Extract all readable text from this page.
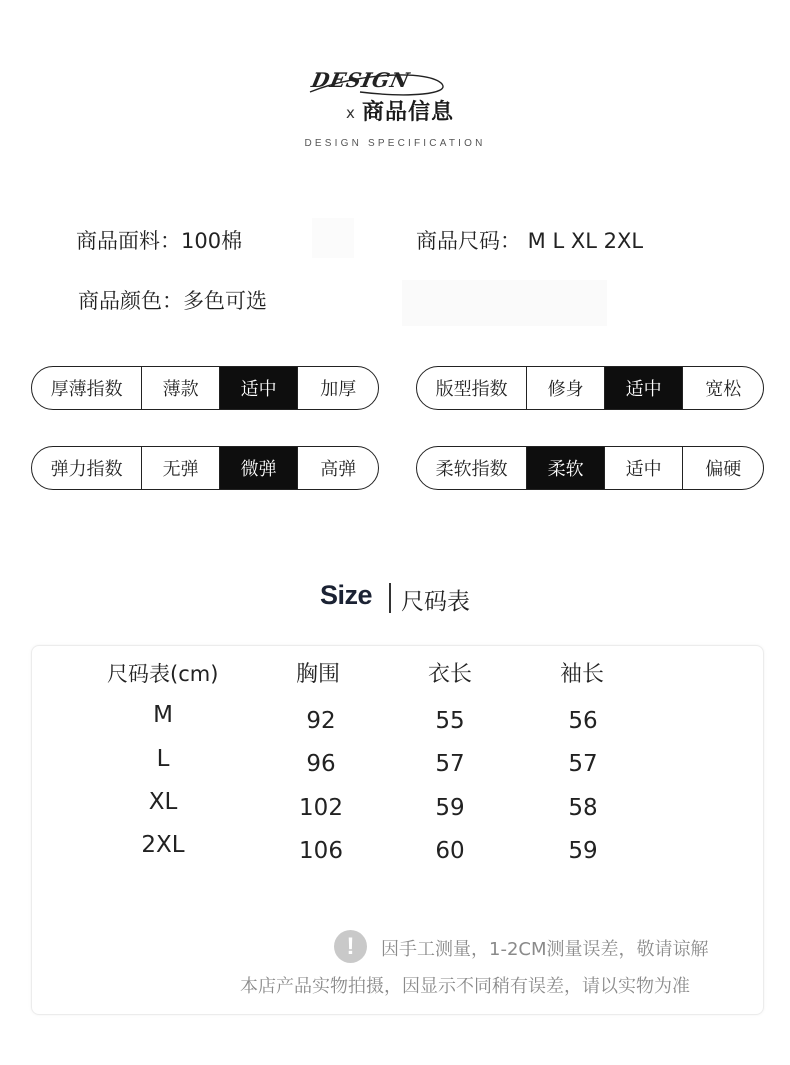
DESIGN
x 商品信息
DESIGN SPECIFICATION
商品面料：100棉	商品尺码： M L XL 2XL
商品颜色：多色可选
厚薄指数	薄款	适中	加厚	版型指数	修身	适中	宽松
弹力指数	无弹	微弹	高弹	柔软指数	柔软	适中	偏硬
Size 尺码表
尺码表(cm)	胸围	衣长	袖长
M	92	55	56
L	96	57	57
XL	102	59	58
2XL	106	60	59
!	因手工测量，1-2CM测量误差，敬请谅解
本店产品实物拍摄，因显示不同稍有误差，请以实物为准
